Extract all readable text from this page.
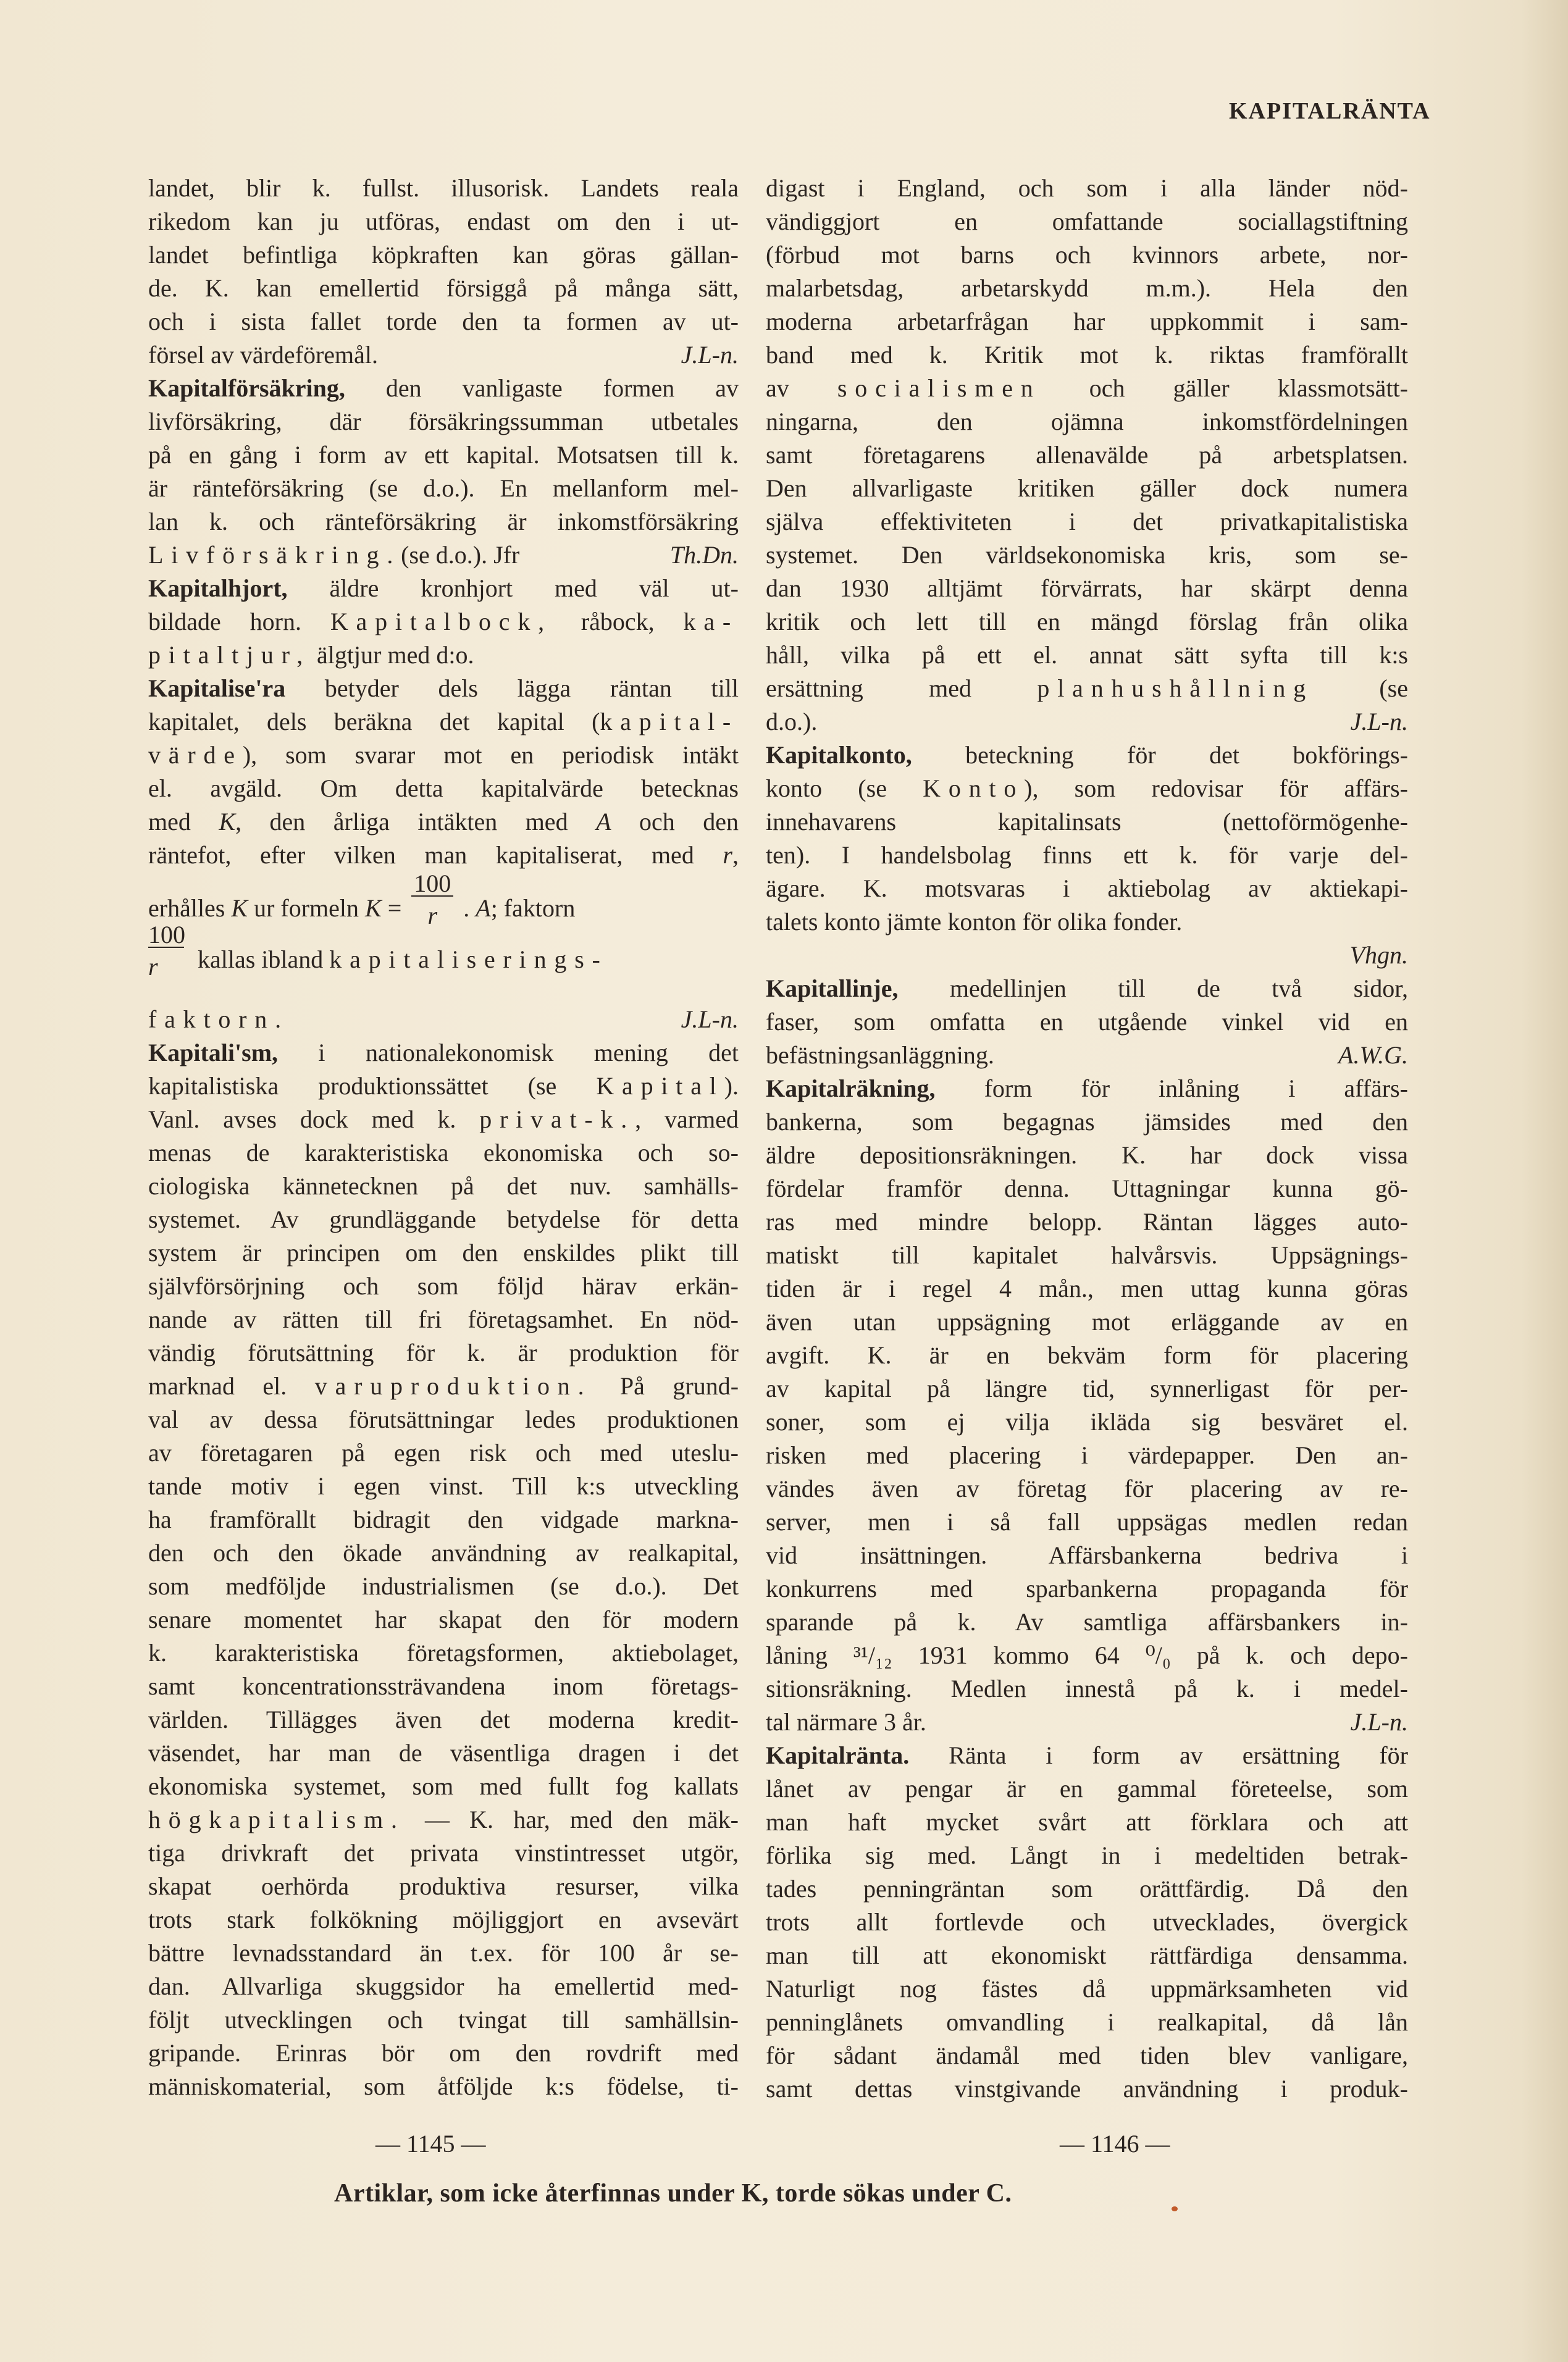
KAPITALRÄNTA
landet, blir k. fullst. illusorisk. Landets reala
rikedom kan ju utföras, endast om den i ut-
landet befintliga köpkraften kan göras gällan-
de. K. kan emellertid försiggå på många sätt,
och i sista fallet torde den ta formen av ut-
J.L-n.
försel av värdeföremål.
Kapitalförsäkring, den vanligaste formen av
livförsäkring, där försäkringssumman utbetales
på en gång i form av ett kapital. Motsatsen till k.
är ränteförsäkring (se d.o.). En mellanform mel-
lan k. och ränteförsäkring är inkomstförsäkring
Livförsäkring.	Th.Dn.
(se d.o.). Jfr
Kapitalhjort, äldre kronhjort med väl ut-
bildade horn. Kapitalbock, råbock, ka-
pitaltjur, älgtjur med d:o.
Kapitalise'ra betyder dels lägga räntan till
kapitalet, dels beräkna det kapital (kapital-
värde), som svarar mot en periodisk intäkt
el. avgäld. Om detta kapitalvärde betecknas
med K, den årliga intäkten med A och den
räntefot, efter vilken man kapitaliserat, med r,
erhålles K ur formeln $K = \frac{100}{r}$ . A; faktorn

$\frac{100}{r}$ kallas ibland kapitaliserings-
faktorn.	J.L-n.
Kapitali'sm, i nationalekonomisk mening det
kapitalistiska produktionssättet (se Kapital).
Vanl. avses dock med k. privat-k., varmed
menas de karakteristiska ekonomiska och so-
ciologiska kännetecknen på det nuv. samhälls-
systemet. Av grundläggande betydelse för detta
system är principen om den enskildes plikt till
självförsörjning och som följd härav erkän-
nande av rätten till fri företagsamhet. En nöd-
vändig förutsättning för k. är produktion för
marknad el. varuproduktion. På grund-
val av dessa förutsättningar ledes produktionen
av företagaren på egen risk och med uteslu-
tande motiv i egen vinst. Till k:s utveckling
ha framförallt bidragit den vidgade markna-
den och den ökade användning av realkapital,
som medföljde industrialismen (se d.o.). Det
senare momentet har skapat den för modern
k. karakteristiska företagsformen, aktiebolaget,
samt koncentrationssträvandena inom företags-
världen. Tillägges även det moderna kredit-
väsendet, har man de väsentliga dragen i det
ekonomiska systemet, som med fullt fog kallats
högkapitalism. — K. har, med den mäk-
tiga drivkraft det privata vinstintresset utgör,
skapat oerhörda produktiva resurser, vilka
trots stark folkökning möjliggjort en avsevärt
bättre levnadsstandard än t.ex. för 100 år se-
dan. Allvarliga skuggsidor ha emellertid med-
följt utvecklingen och tvingat till samhällsin-
gripande. Erinras bör om den rovdrift med
människomaterial, som åtföljde k:s födelse, ti-
digast i England, och som i alla länder nöd-
vändiggjort en omfattande sociallagstiftning
(förbud mot barns och kvinnors arbete, nor-
malarbetsdag, arbetarskydd m.m.). Hela den
moderna arbetarfrågan har uppkommit i sam-
band med k. Kritik mot k. riktas framförallt
av socialismen och gäller klassmotsätt-
ningarna, den ojämna inkomstfördelningen
samt företagarens allenavälde på arbetsplatsen.
Den allvarligaste kritiken gäller dock numera
själva effektiviteten i det privatkapitalistiska
systemet. Den världsekonomiska kris, som se-
dan 1930 alltjämt förvärrats, har skärpt denna
kritik och lett till en mängd förslag från olika
håll, vilka på ett el. annat sätt syfta till k:s
ersättning med planhushållning (se
J.L-n.
d.o.).
Kapitalkonto, beteckning för det bokförings-
konto (se Konto), som redovisar för affärs-
innehavarens kapitalinsats (nettoförmögenhe-
ten). I handelsbolag finns ett k. för varje del-
ägare. K. motsvaras i aktiebolag av aktiekapi-
talets konto jämte konton för olika fonder.
Vhgn.
Kapitallinje, medellinjen till de två sidor,
faser, som omfatta en utgående vinkel vid en
A.W.G.
befästningsanläggning.
Kapitalräkning, form för inlåning i affärs-
bankerna, som begagnas jämsides med den
äldre depositionsräkningen. K. har dock vissa
fördelar framför denna. Uttagningar kunna gö-
ras med mindre belopp. Räntan lägges auto-
matiskt till kapitalet halvårsvis. Uppsägnings-
tiden är i regel 4 mån., men uttag kunna göras
även utan uppsägning mot erläggande av en
avgift. K. är en bekväm form för placering
av kapital på längre tid, synnerligast för per-
soner, som ej vilja ikläda sig besväret el.
risken med placering i värdepapper. Den an-
vändes även av företag för placering av re-
server, men i så fall uppsägas medlen redan
vid insättningen. Affärsbankerna bedriva i
konkurrens med sparbankerna propaganda för
sparande på k. Av samtliga affärsbankers in-
låning ³¹/₁₂ 1931 kommo 64 ⁰/₀ på k. och depo-
sitionsräkning. Medlen innestå på k. i medel-
J.L-n.
tal närmare 3 år.
Kapitalränta. Ränta i form av ersättning för
lånet av pengar är en gammal företeelse, som
man haft mycket svårt att förklara och att
förlika sig med. Långt in i medeltiden betrak-
tades penningräntan som orättfärdig. Då den
trots allt fortlevde och utvecklades, övergick
man till att ekonomiskt rättfärdiga densamma.
Naturligt nog fästes då uppmärksamheten vid
penninglånets omvandling i realkapital, då lån
för sådant ändamål med tiden blev vanligare,
samt dettas vinstgivande användning i produk-
— 1145 —	— 1146 —
Artiklar, som icke återfinnas under K, torde sökas under C.
